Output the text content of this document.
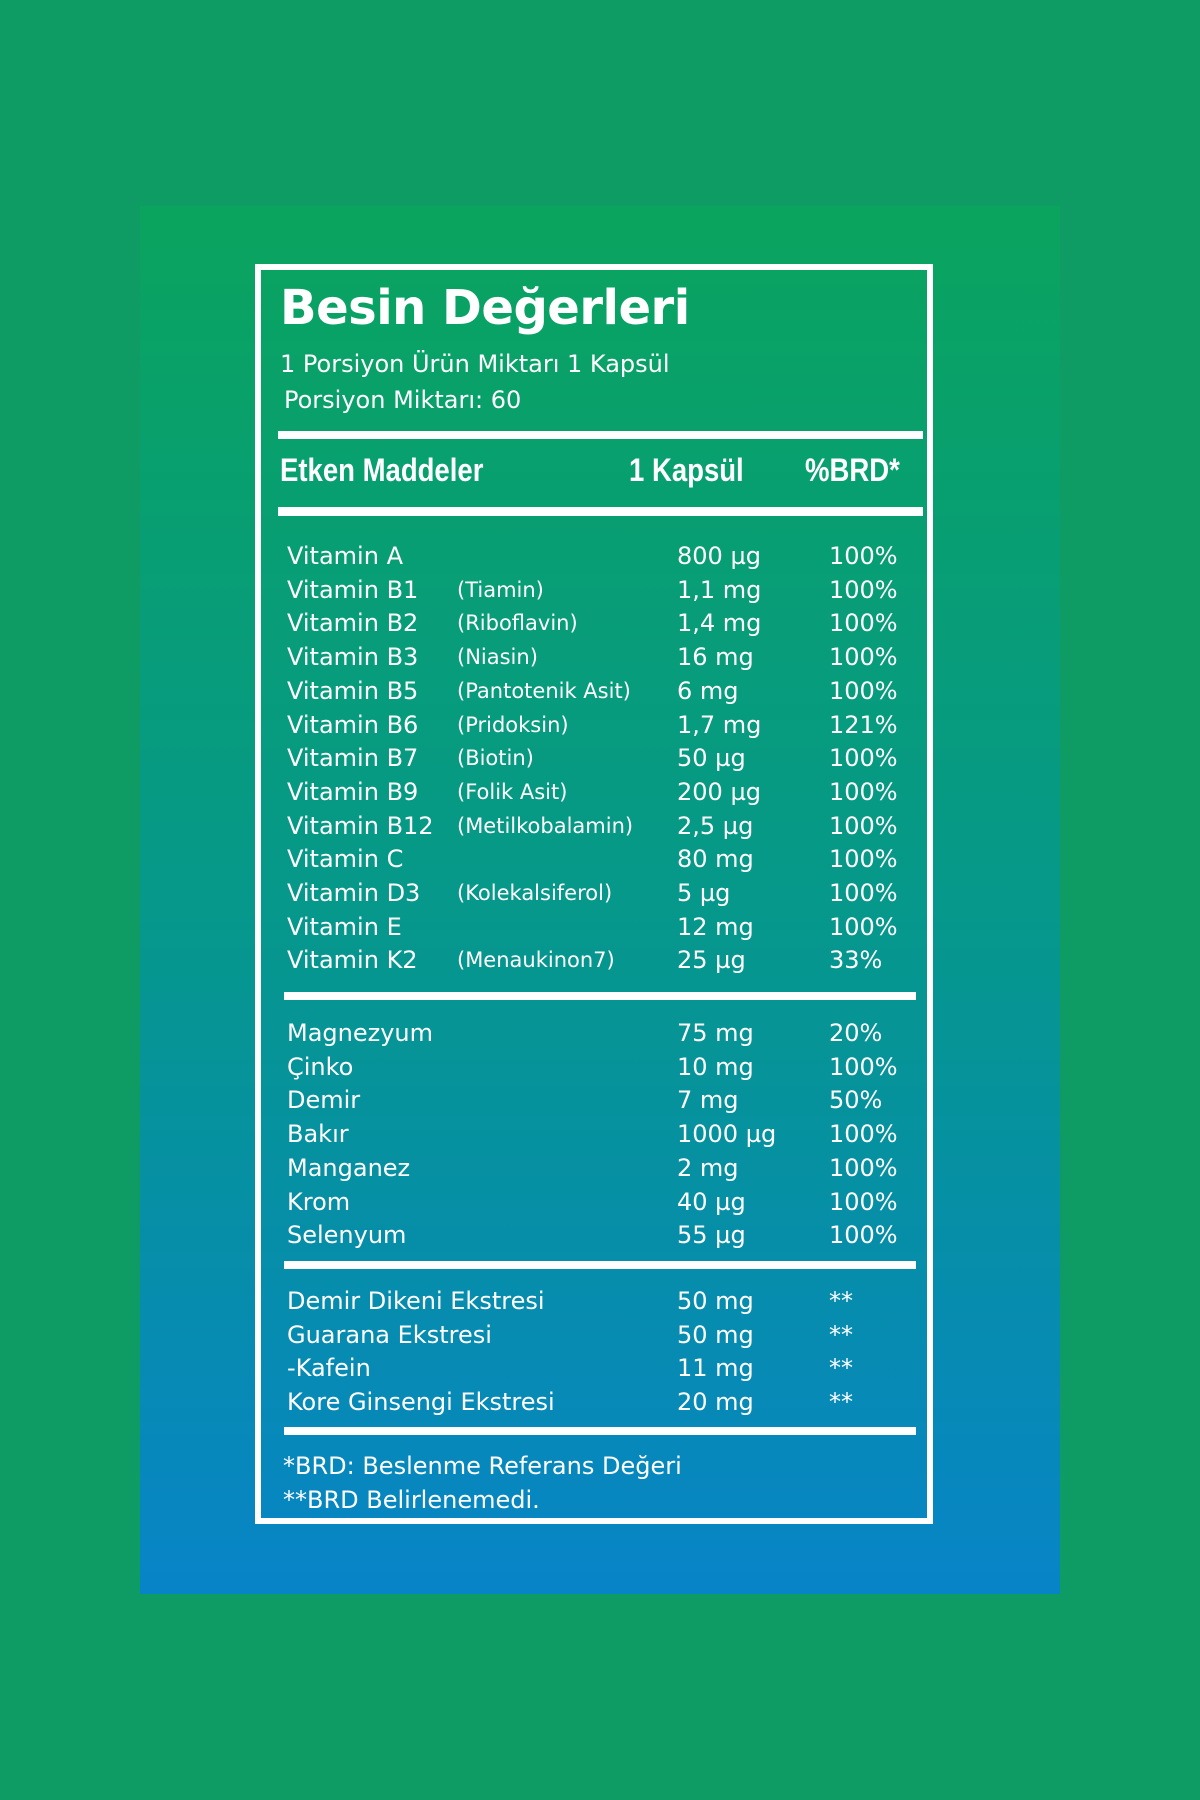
Besin Değerleri
1 Porsiyon Ürün Miktarı 1 Kapsül
Porsiyon Miktarı: 60
Etken Maddeler	1 Kapsül %BRD*
Vitamin A	800 µg	100%
Vitamin B1 (Tiamin)	1,1 mg	100%
Vitamin B2 (Riboflavin)	1,4 mg	100%
Vitamin B3 (Niasin)	16 mg	100%
Vitamin B5 (Pantotenik Asit) 6 mg	100%
Vitamin B6 (Pridoksin)	1,7 mg	121%
Vitamin B7 (Biotin)	50 µg	100%
Vitamin B9 (Folik Asit)	200 µg	100%
Vitamin B12 (Metilkobalamin) 2,5 µg	100%
Vitamin C	80 mg	100%
Vitamin D3 (Kolekalsiferol)	5 µg	100%
Vitamin E	12 mg	100%
Vitamin K2 (Menaukinon7)	25 µg	33%
Magnezyum	75 mg	20%
Çinko	10 mg	100%
Demir	7 mg	50%
Bakır	1000 µg 100%
Manganez	2 mg	100%
Krom	40 µg	100%
Selenyum	55 µg	100%
Demir Dikeni Ekstresi	50 mg	**
Guarana Ekstresi	50 mg	**
-Kafein	11 mg	**
Kore Ginsengi Ekstresi	20 mg	**
*BRD: Beslenme Referans Değeri
**BRD Belirlenemedi.
